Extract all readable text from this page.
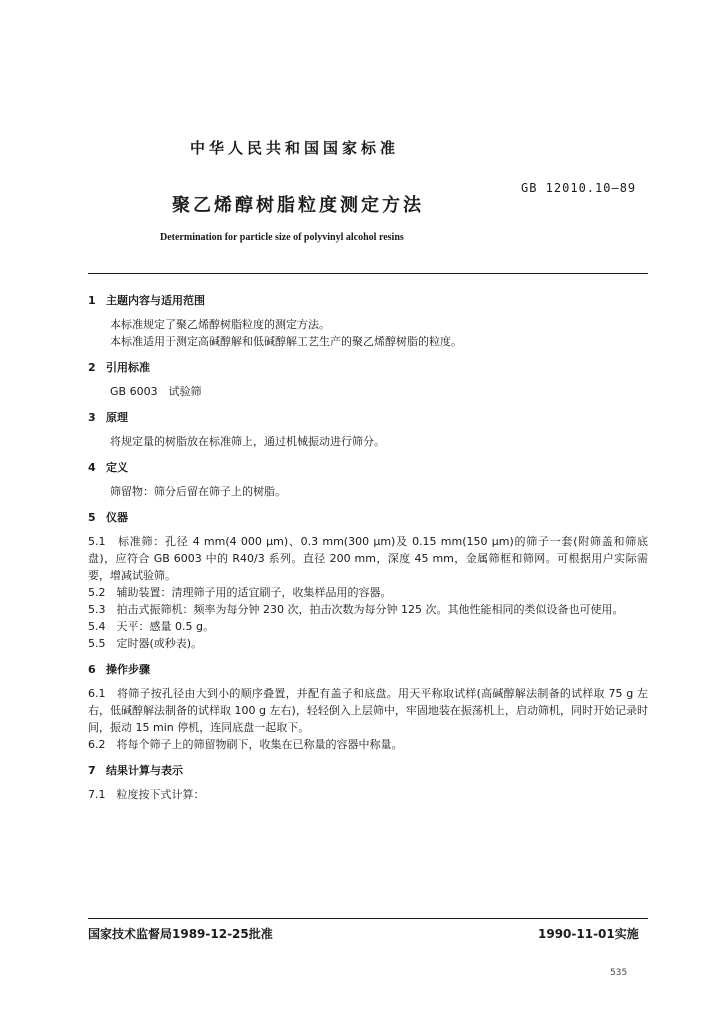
中华人民共和国国家标准
GB 12010.10—89
聚乙烯醇树脂粒度测定方法
Determination for particle size of polyvinyl alcohol resins
1 主题内容与适用范围

本标准规定了聚乙烯醇树脂粒度的测定方法。

本标准适用于测定高碱醇解和低碱醇解工艺生产的聚乙烯醇树脂的粒度。

2 引用标准

GB 6003　试验筛

3 原理

将规定量的树脂放在标准筛上，通过机械振动进行筛分。

4 定义

筛留物：筛分后留在筛子上的树脂。

5 仪器

5.1　标准筛：孔径 4 mm(4 000 μm)、0.3 mm(300 μm)及 0.15 mm(150 μm)的筛子一套(附筛盖和筛底盘)，应符合 GB 6003 中的 R40/3 系列。直径 200 mm，深度 45 mm，金属筛框和筛网。可根据用户实际需要，增减试验筛。

5.2　辅助装置：清理筛子用的适宜刷子，收集样品用的容器。

5.3　拍击式振筛机：频率为每分钟 230 次，拍击次数为每分钟 125 次。其他性能相同的类似设备也可使用。

5.4　天平：感量 0.5 g。

5.5　定时器(或秒表)。

6 操作步骤

6.1　将筛子按孔径由大到小的顺序叠置，并配有盖子和底盘。用天平称取试样(高碱醇解法制备的试样取 75 g 左右，低碱醇解法制备的试样取 100 g 左右)，轻轻倒入上层筛中，牢固地装在振荡机上，启动筛机，同时开始记录时间，振动 15 min 停机，连同底盘一起取下。

6.2　将每个筛子上的筛留物刷下，收集在已称量的容器中称量。

7 结果计算与表示

7.1　粒度按下式计算：

国家技术监督局1989-12-25批准	1990-11-01实施
535
